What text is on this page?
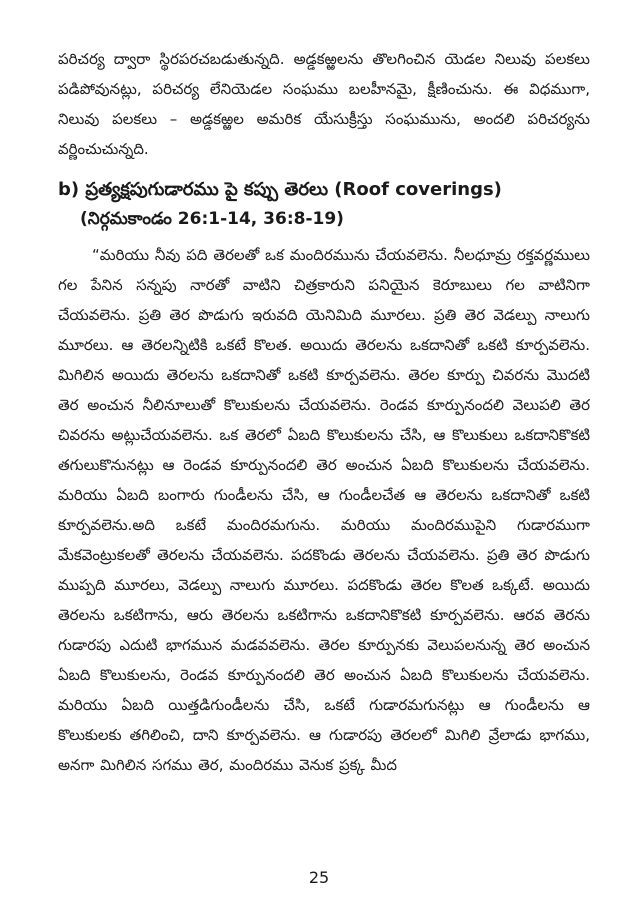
పరిచర్య ద్వారా స్థిరపరచబడుతున్నది. అడ్డకఱ్ఱలను తొలగించిన యెడల నిలువు పలకలు పడిపోవునట్లు, పరిచర్య లేనియెడల సంఘము బలహీనమై, క్షీణించును. ఈ విధముగా, నిలువు పలకలు – అడ్డకఱ్ఱల అమరిక యేసుక్రీస్తు సంఘమును, అందలి పరిచర్యను వర్ణించుచున్నది.

b) ప్రత్యక్షపుగుడారము పై కప్పు తెరలు (Roof coverings)
(నిర్గమకాండం 26:1-14, 36:8-19)

“మరియు నీవు పది తెరలతో ఒక మందిరమును చేయవలెను. నీలధూమ్ర రక్తవర్ణములు గల పేనిన సన్నపు నారతో వాటిని చిత్రకారుని పనియైన కెరూబులు గల వాటినిగా చేయవలెను. ప్రతి తెర పొడుగు ఇరువది యెనిమిది మూరలు. ప్రతి తెర వెడల్పు నాలుగు మూరలు. ఆ తెరలన్నిటికి ఒకటే కొలత. అయిదు తెరలను ఒకదానితో ఒకటి కూర్పవలెను. మిగిలిన అయిదు తెరలను ఒకదానితో ఒకటి కూర్పవలెను. తెరల కూర్పు చివరను మొదటి తెర అంచున నీలినూలుతో కొలుకులను చేయవలెను. రెండవ కూర్పునందలి వెలుపలి తెర చివరను అట్లుచేయవలెను. ఒక తెరలో ఏబది కొలుకులను చేసి, ఆ కొలుకులు ఒకదానికొకటి తగులుకొనునట్లు ఆ రెండవ కూర్పునందలి తెర అంచున ఏబది కొలుకులను చేయవలెను. మరియు ఏబది బంగారు గుండీలను చేసి, ఆ గుండీలచేత ఆ తెరలను ఒకదానితో ఒకటి కూర్పవలెను.అది ఒకటే మందిరమగును. మరియు మందిరముపైని గుడారముగా మేకవెంట్రుకలతో తెరలను చేయవలెను. పదకొండు తెరలను చేయవలెను. ప్రతి తెర పొడుగు ముప్పది మూరలు, వెడల్పు నాలుగు మూరలు. పదకొండు తెరల కొలత ఒక్కటే. అయిదు తెరలను ఒకటిగాను, ఆరు తెరలను ఒకటిగాను ఒకదానికొకటి కూర్పవలెను. ఆరవ తెరను గుడారపు ఎదుటి భాగమున మడవవలెను. తెరల కూర్పునకు వెలుపలనున్న తెర అంచున ఏబది కొలుకులను, రెండవ కూర్పునందలి తెర అంచున ఏబది కొలుకులను చేయవలెను. మరియు ఏబది యిత్తడిగుండీలను చేసి, ఒకటే గుడారమగునట్లు ఆ గుండీలను ఆ కొలుకులకు తగిలించి, దాని కూర్పవలెను. ఆ గుడారపు తెరలలో మిగిలి వ్రేలాడు భాగము, అనగా మిగిలిన సగము తెర, మందిరము వెనుక ప్రక్క మీద

25
